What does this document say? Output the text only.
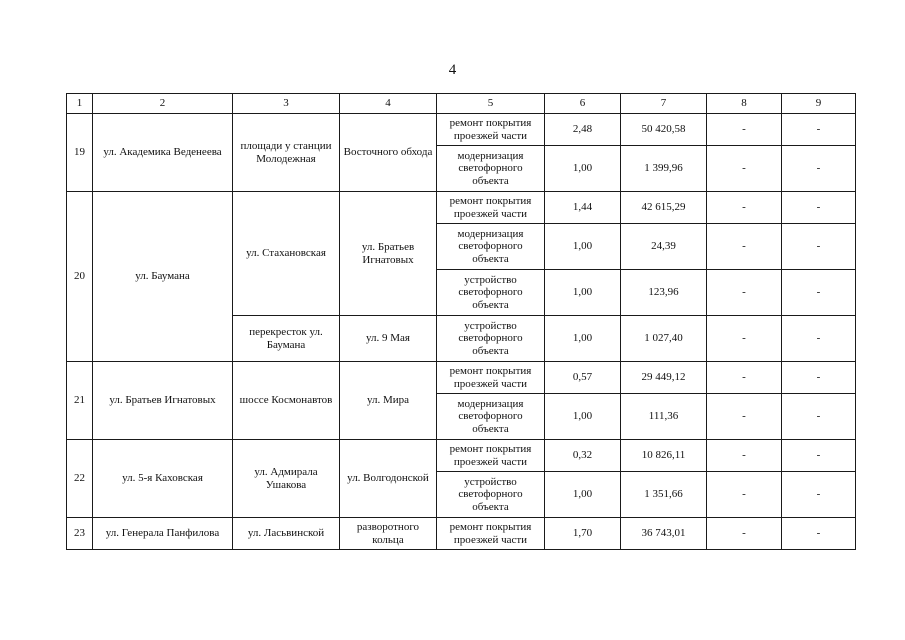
4
1	2	3	4	5	6	7	8	9
19	ул. Академика Веденеева	площади у станции Молодежная	Восточного обхода	ремонт покрытия проезжей части	2,48	50 420,58	-	-
				модернизация светофорного объекта	1,00	1 399,96	-	-
20	ул. Баумана	ул. Стахановская	ул. Братьев Игнатовых	ремонт покрытия проезжей части	1,44	42 615,29	-	-
				модернизация светофорного объекта	1,00	24,39	-	-
				устройство светофорного объекта	1,00	123,96	-	-
		перекресток ул. Баумана	ул. 9 Мая	устройство светофорного объекта	1,00	1 027,40	-	-
21	ул. Братьев Игнатовых	шоссе Космонавтов	ул. Мира	ремонт покрытия проезжей части	0,57	29 449,12	-	-
				модернизация светофорного объекта	1,00	111,36	-	-
22	ул. 5-я Каховская	ул. Адмирала Ушакова	ул. Волгодонской	ремонт покрытия проезжей части	0,32	10 826,11	-	-
				устройство светофорного объекта	1,00	1 351,66	-	-
23	ул. Генерала Панфилова	ул. Ласьвинской	разворотного кольца	ремонт покрытия проезжей части	1,70	36 743,01	-	-
